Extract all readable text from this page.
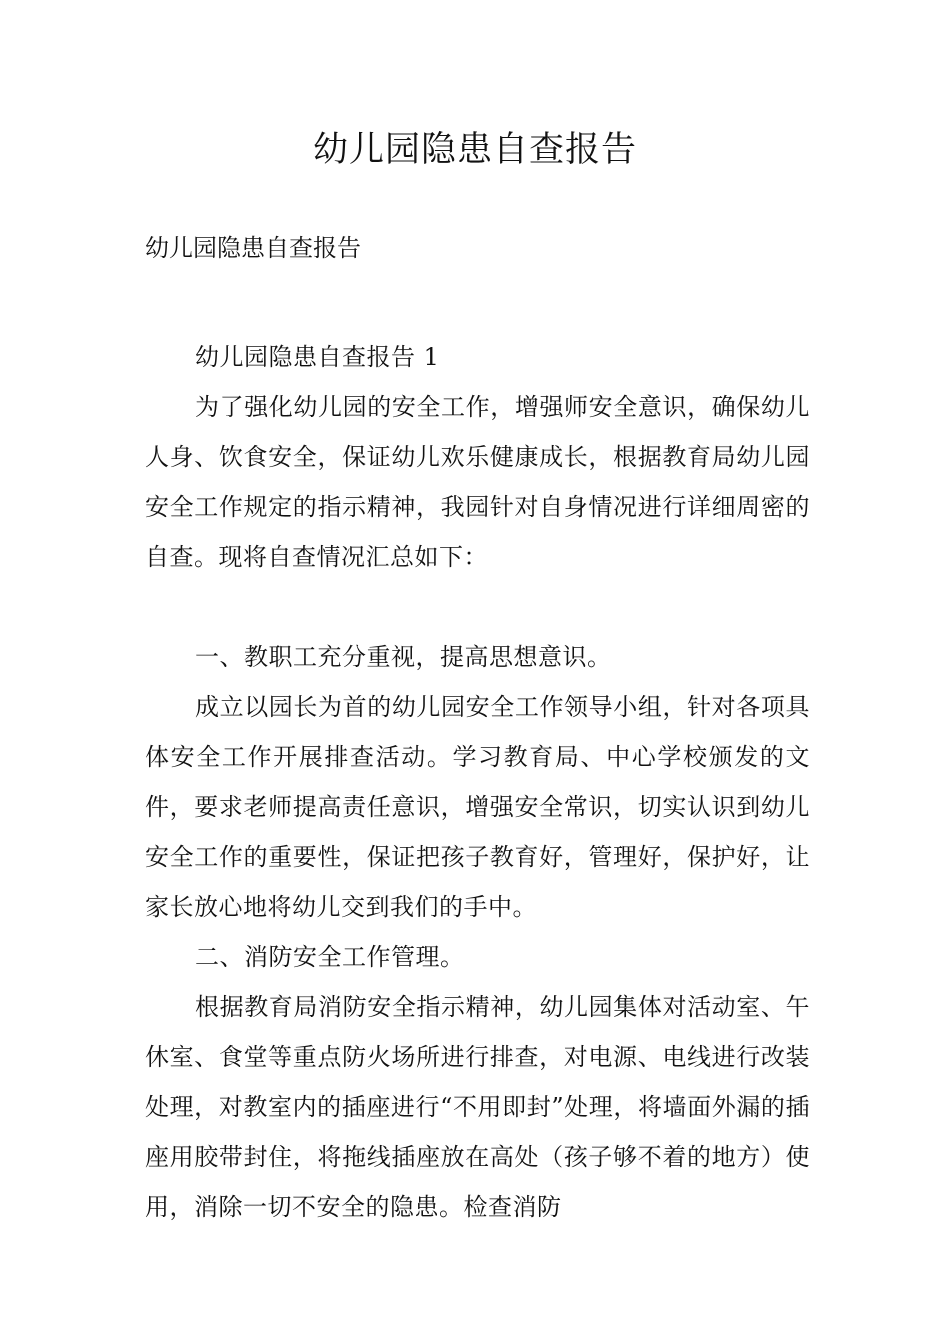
幼儿园隐患自查报告
幼儿园隐患自查报告

幼儿园隐患自查报告 1

为了强化幼儿园的安全工作，增强师安全意识，确保幼儿人身、饮食安全，保证幼儿欢乐健康成长，根据教育局幼儿园安全工作规定的指示精神，我园针对自身情况进行详细周密的自查。现将自查情况汇总如下：

一、教职工充分重视，提高思想意识。

成立以园长为首的幼儿园安全工作领导小组，针对各项具体安全工作开展排查活动。学习教育局、中心学校颁发的文件，要求老师提高责任意识，增强安全常识，切实认识到幼儿安全工作的重要性，保证把孩子教育好，管理好，保护好，让家长放心地将幼儿交到我们的手中。

二、消防安全工作管理。

根据教育局消防安全指示精神，幼儿园集体对活动室、午休室、食堂等重点防火场所进行排查，对电源、电线进行改装处理，对教室内的插座进行“不用即封”处理，将墙面外漏的插座用胶带封住，将拖线插座放在高处（孩子够不着的地方）使用，消除一切不安全的隐患。检查消防
